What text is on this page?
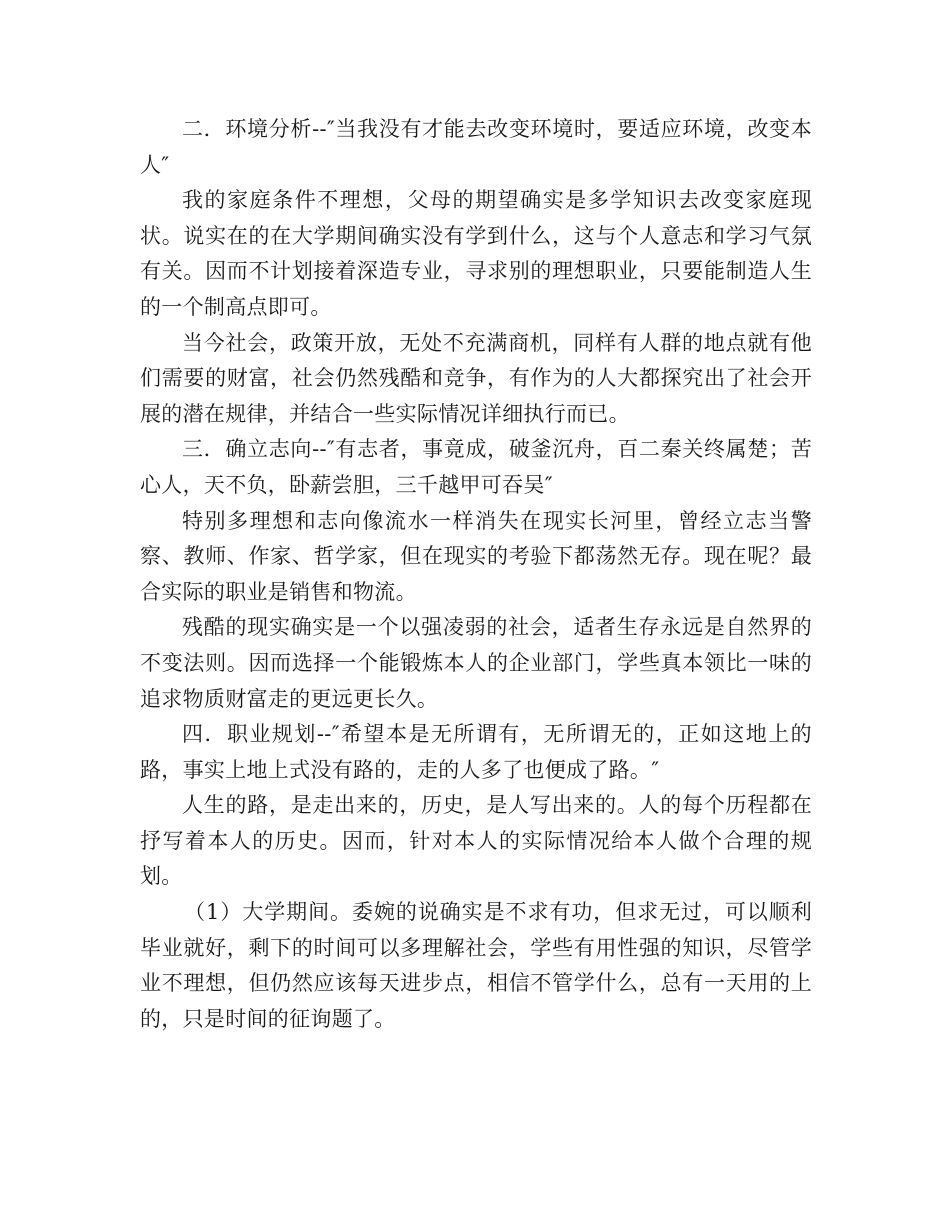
二．环境分析--″当我没有才能去改变环境时，要适应环境，改变本人″

我的家庭条件不理想，父母的期望确实是多学知识去改变家庭现状。说实在的在大学期间确实没有学到什么，这与个人意志和学习气氛有关。因而不计划接着深造专业，寻求别的理想职业，只要能制造人生的一个制高点即可。

当今社会，政策开放，无处不充满商机，同样有人群的地点就有他们需要的财富，社会仍然残酷和竞争，有作为的人大都探究出了社会开展的潜在规律，并结合一些实际情况详细执行而已。

三．确立志向--″有志者，事竟成，破釜沉舟，百二秦关终属楚；苦心人，天不负，卧薪尝胆，三千越甲可吞吴″

特别多理想和志向像流水一样消失在现实长河里，曾经立志当警察、教师、作家、哲学家，但在现实的考验下都荡然无存。现在呢？最合实际的职业是销售和物流。

残酷的现实确实是一个以强凌弱的社会，适者生存永远是自然界的不变法则。因而选择一个能锻炼本人的企业部门，学些真本领比一味的追求物质财富走的更远更长久。

四．职业规划--″希望本是无所谓有，无所谓无的，正如这地上的路，事实上地上式没有路的，走的人多了也便成了路。″

人生的路，是走出来的，历史，是人写出来的。人的每个历程都在抒写着本人的历史。因而，针对本人的实际情况给本人做个合理的规划。

（1）大学期间。委婉的说确实是不求有功，但求无过，可以顺利毕业就好，剩下的时间可以多理解社会，学些有用性强的知识，尽管学业不理想，但仍然应该每天进步点，相信不管学什么，总有一天用的上的，只是时间的征询题了。
